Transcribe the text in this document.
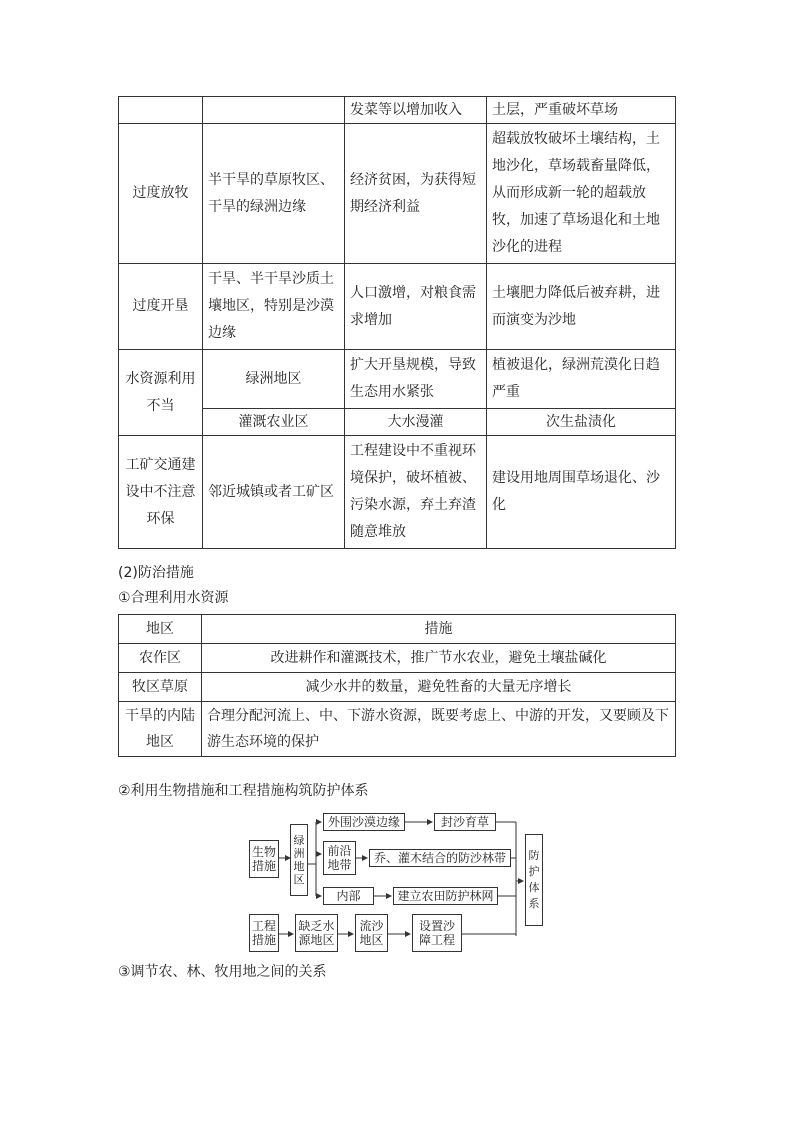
		发菜等以增加收入	土层，严重破坏草场
过度放牧	半干旱的草原牧区、干旱的绿洲边缘	经济贫困，为获得短期经济利益	超载放牧破坏土壤结构，土地沙化，草场载畜量降低，从而形成新一轮的超载放牧，加速了草场退化和土地沙化的进程
过度开垦	干旱、半干旱沙质土壤地区，特别是沙漠边缘	人口激增，对粮食需求增加	土壤肥力降低后被弃耕，进而演变为沙地
水资源利用不当	绿洲地区	扩大开垦规模，导致生态用水紧张	植被退化，绿洲荒漠化日趋严重
	灌溉农业区	大水漫灌	次生盐渍化
工矿交通建设中不注意环保	邻近城镇或者工矿区	工程建设中不重视环境保护，破坏植被、污染水源，弃土弃渣随意堆放	建设用地周围草场退化、沙化
(2)防治措施
①合理利用水资源
地区	措施
农作区	改进耕作和灌溉技术，推广节水农业，避免土壤盐碱化
牧区草原	减少水井的数量，避免牲畜的大量无序增长
干旱的内陆地区	合理分配河流上、中、下游水资源，既要考虑上、中游的开发，又要顾及下游生态环境的保护
②利用生物措施和工程措施构筑防护体系
生物措施
绿洲地区
外围沙漠边缘	封沙育草
前沿地带
乔、灌木结合的防沙林带
内部	建立农田防护林网
防护体系
工程措施
缺乏水源地区
流沙地区
设置沙障工程
③调节农、林、牧用地之间的关系
